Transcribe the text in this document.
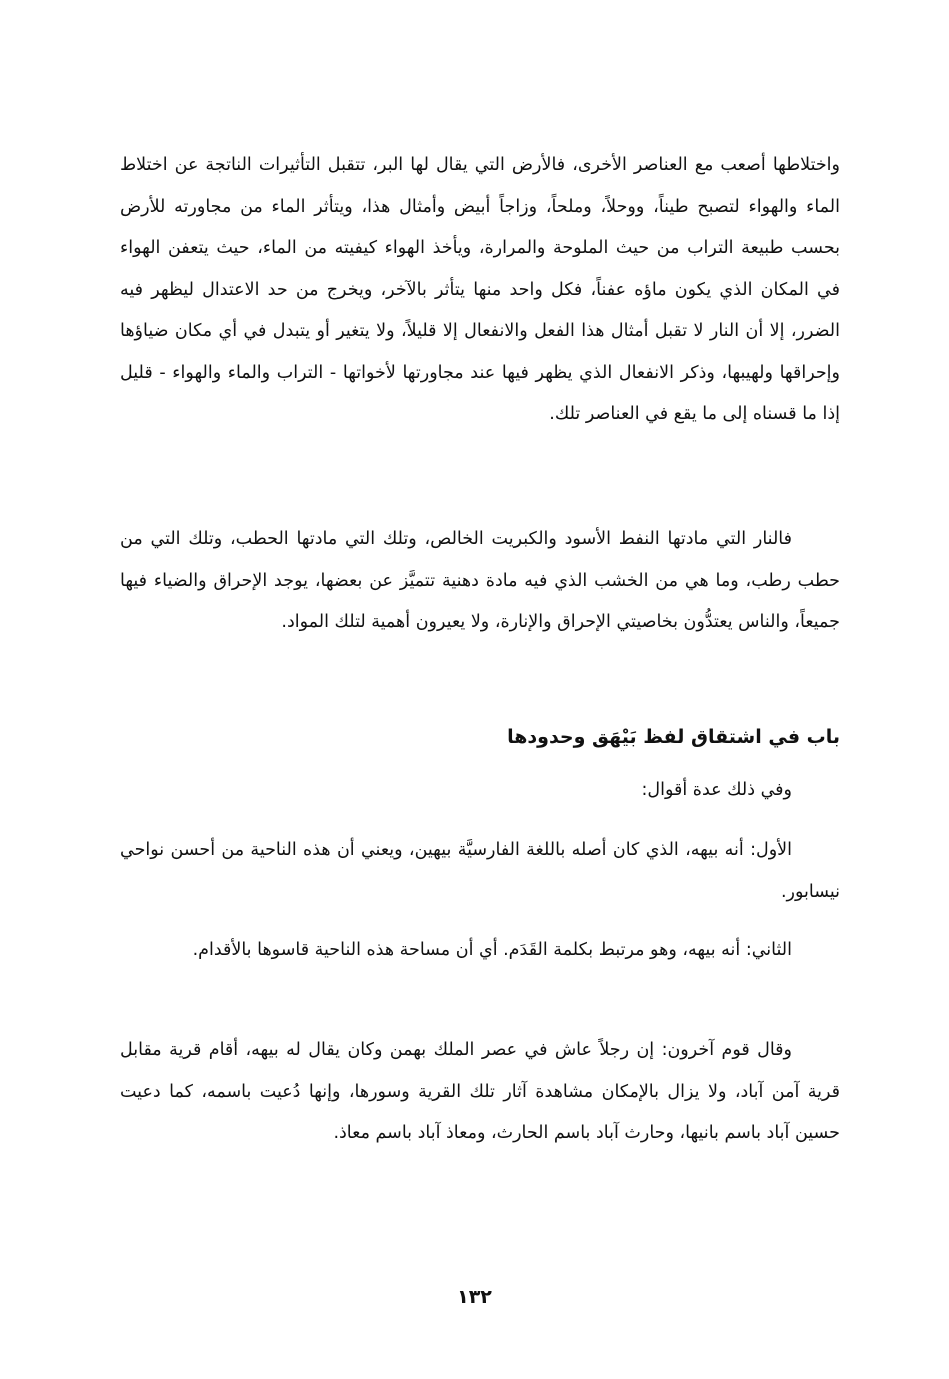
واختلاطها أصعب مع العناصر الأخرى، فالأرض التي يقال لها البر، تتقبل التأثيرات الناتجة عن اختلاط الماء والهواء لتصبح طيناً، ووحلاً، وملحاً، وزاجاً أبيض وأمثال هذا، ويتأثر الماء من مجاورته للأرض بحسب طبيعة التراب من حيث الملوحة والمرارة، ويأخذ الهواء كيفيته من الماء، حيث يتعفن الهواء في المكان الذي يكون ماؤه عفناً، فكل واحد منها يتأثر بالآخر، ويخرج من حد الاعتدال ليظهر فيه الضرر، إلا أن النار لا تقبل أمثال هذا الفعل والانفعال إلا قليلاً، ولا يتغير أو يتبدل في أي مكان ضياؤها وإحراقها ولهيبها، وذكر الانفعال الذي يظهر فيها عند مجاورتها لأخواتها - التراب والماء والهواء - قليل إذا ما قسناه إلى ما يقع في العناصر تلك.

فالنار التي مادتها النفط الأسود والكبريت الخالص، وتلك التي مادتها الحطب، وتلك التي من حطب رطب، وما هي من الخشب الذي فيه مادة دهنية تتميَّز عن بعضها، يوجد الإحراق والضياء فيها جميعاً، والناس يعتدُّون بخاصيتي الإحراق والإنارة، ولا يعيرون أهمية لتلك المواد.

باب في اشتقاق لفظ بَيْهَق وحدودها

وفي ذلك عدة أقوال:

الأول: أنه بيهه، الذي كان أصله باللغة الفارسيَّة بيهين، ويعني أن هذه الناحية من أحسن نواحي نيسابور.

الثاني: أنه بيهه، وهو مرتبط بكلمة القَدَم. أي أن مساحة هذه الناحية قاسوها بالأقدام.

وقال قوم آخرون: إن رجلاً عاش في عصر الملك بهمن وكان يقال له بيهه، أقام قرية مقابل قرية آمن آباد، ولا يزال بالإمكان مشاهدة آثار تلك القرية وسورها، وإنها دُعيت باسمه، كما دعيت حسين آباد باسم بانيها، وحارث آباد باسم الحارث، ومعاذ آباد باسم معاذ.

١٣٢
